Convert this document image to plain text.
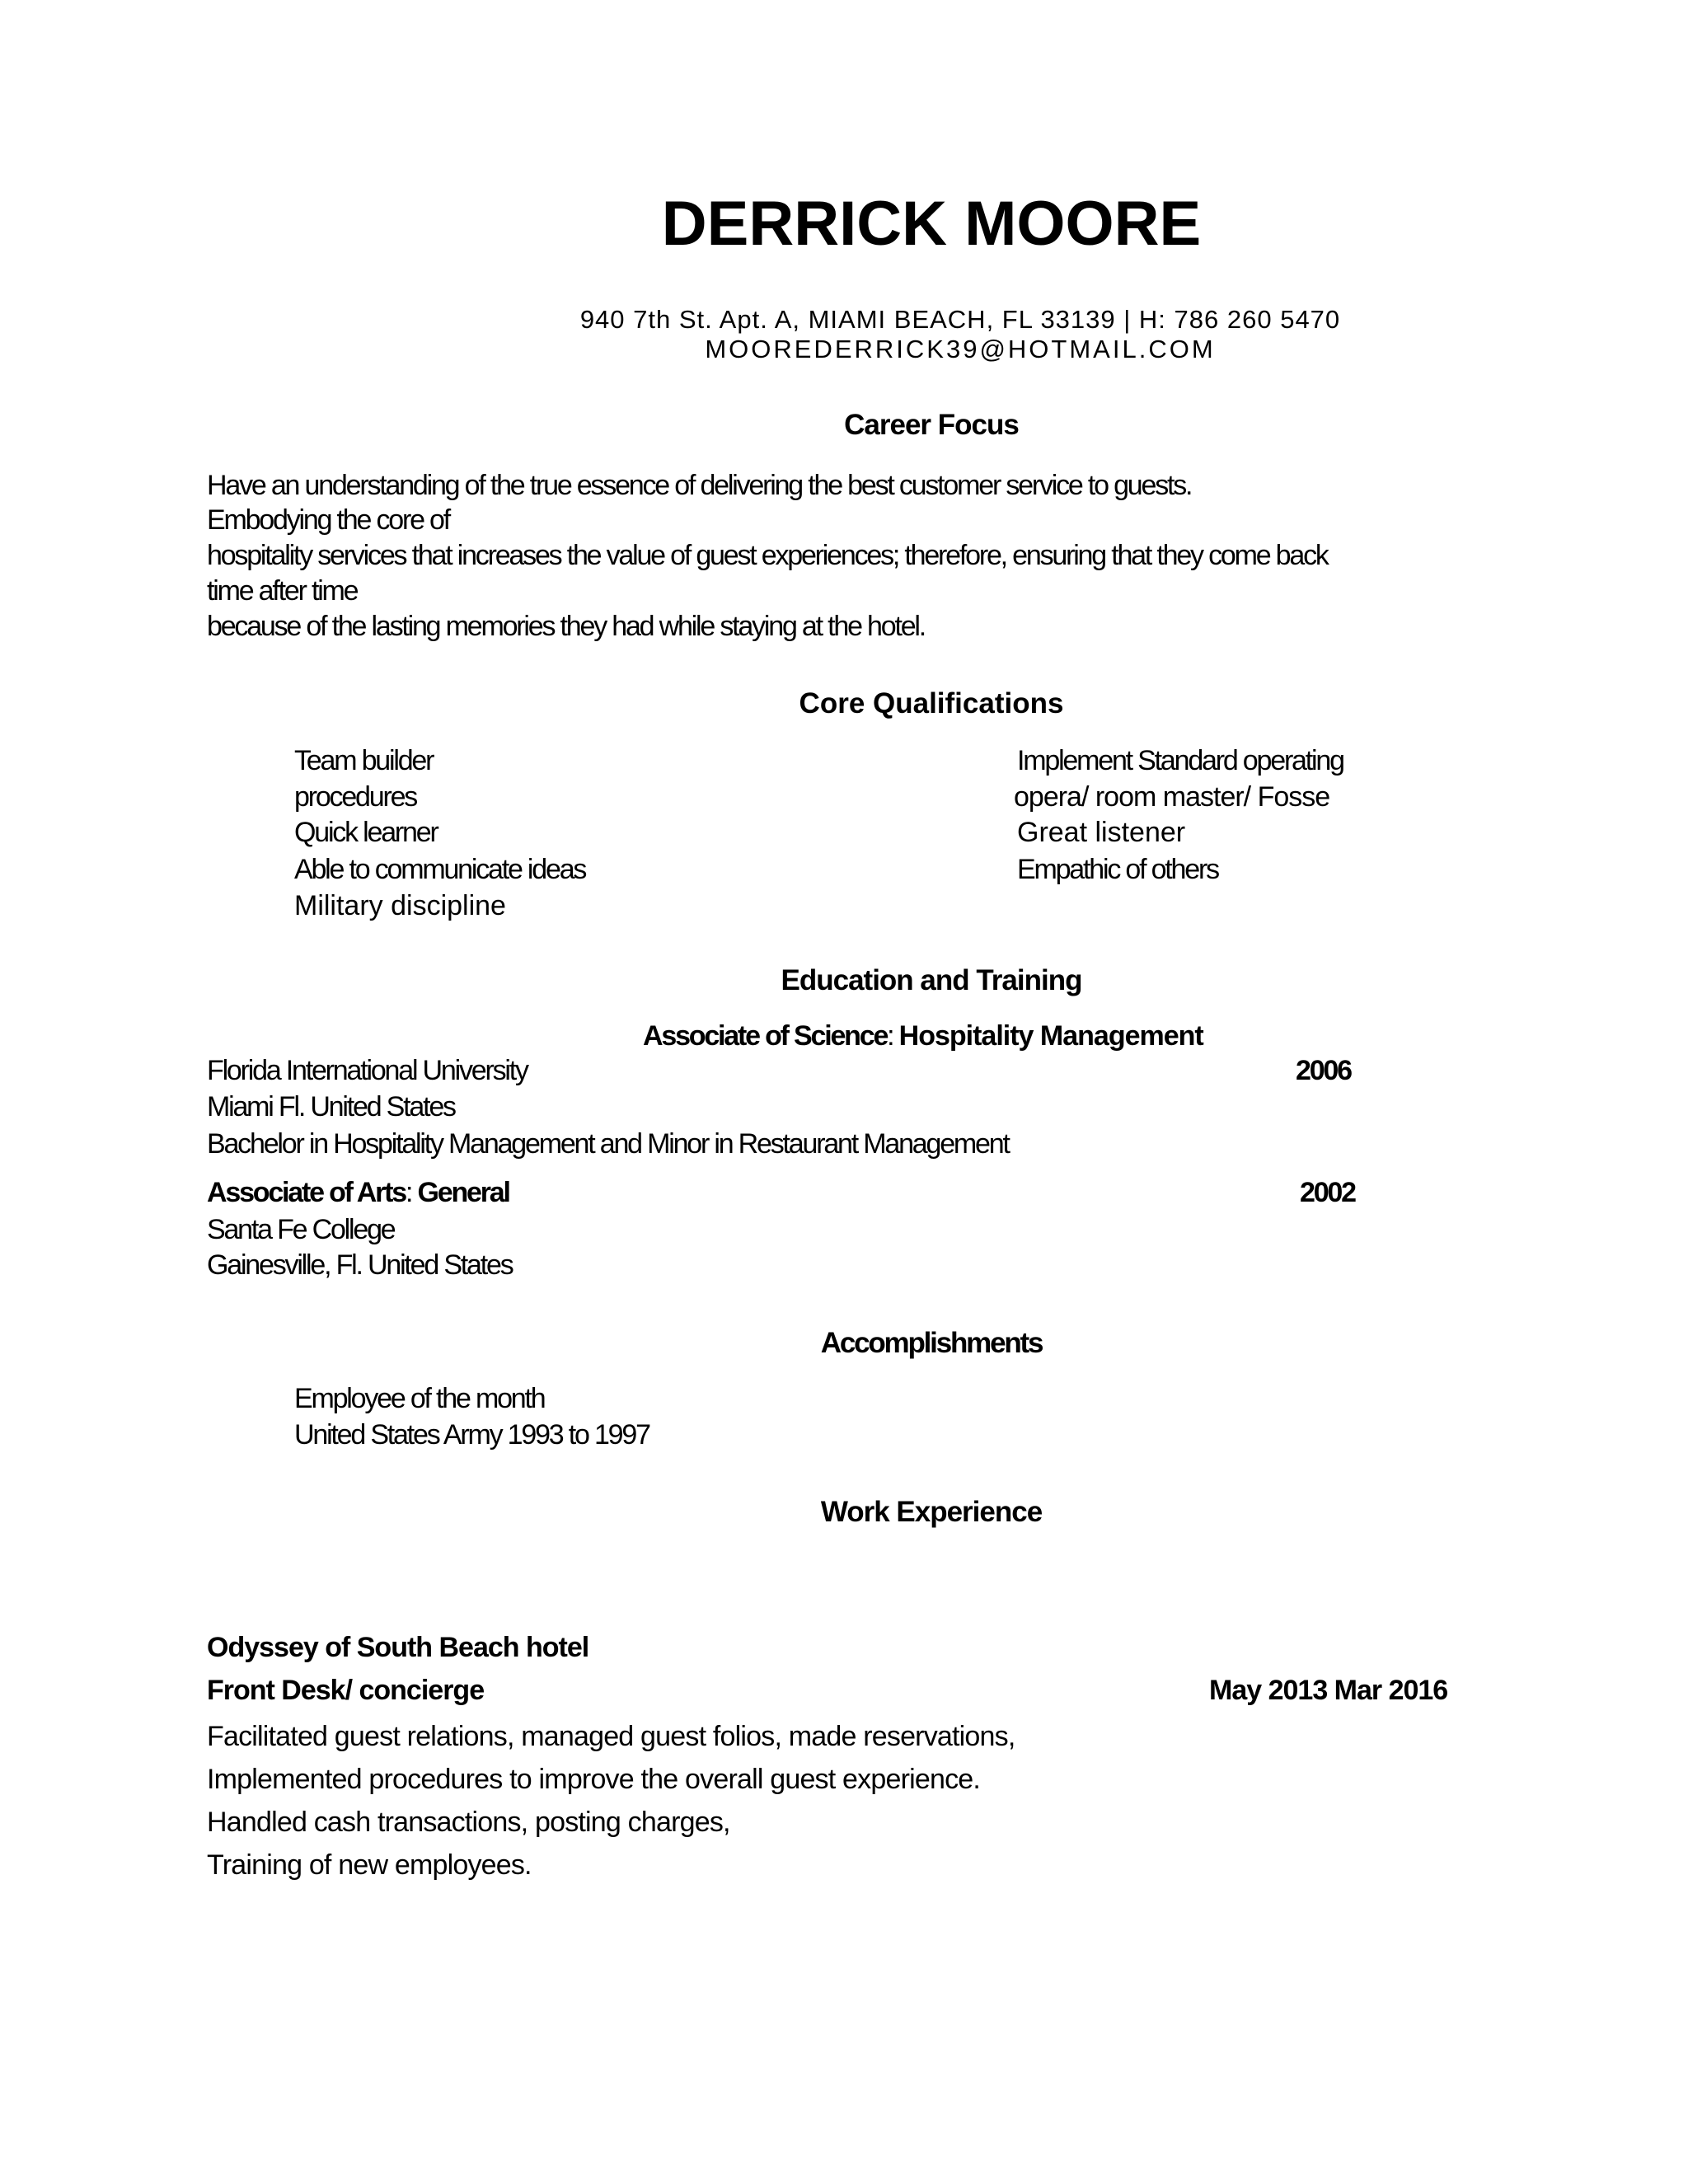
DERRICK MOORE
940 7th St. Apt. A, MIAMI BEACH, FL 33139 | H: 786 260 5470
MOOREDERRICK39@HOTMAIL.COM
Career Focus
Have an understanding of the true essence of delivering the best customer service to guests.
Embodying the core of
hospitality services that increases the value of guest experiences; therefore, ensuring that they come back
time after time
because of the lasting memories they had while staying at the hotel.
Core Qualifications
Team builder
procedures
Quick learner
Able to communicate ideas
Military discipline
Implement Standard operating
opera/ room master/ Fosse
Great listener
Empathic of others
Education and Training
Associate of Science: Hospitality Management
Florida International University	2006
Miami Fl. United States
Bachelor in Hospitality Management and Minor in Restaurant Management
Associate of Arts: General	2002
Santa Fe College
Gainesville, Fl. United States
Accomplishments
Employee of the month
United States Army 1993 to 1997
Work Experience
Odyssey of South Beach hotel
Front Desk/ concierge	May 2013 Mar 2016
Facilitated guest relations, managed guest folios, made reservations,
Implemented procedures to improve the overall guest experience.
Handled cash transactions, posting charges,
Training of new employees.
